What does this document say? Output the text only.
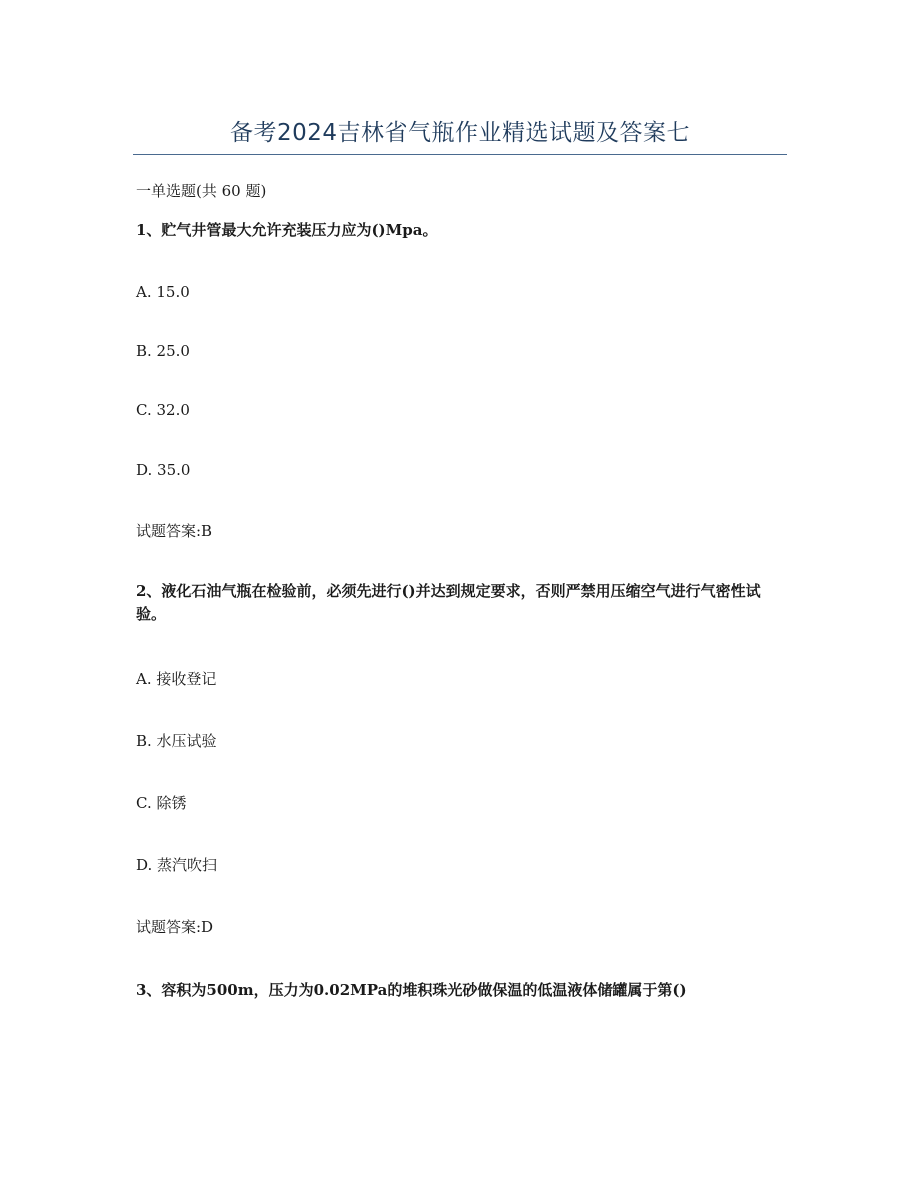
备考2024吉林省气瓶作业精选试题及答案七
一单选题(共 60 题)
1、贮气井管最大允许充装压力应为()Mpa。
A. 15.0
B. 25.0
C. 32.0
D. 35.0
试题答案:B
2、液化石油气瓶在检验前，必须先进行()并达到规定要求，否则严禁用压缩空气进行气密性试验。
A. 接收登记
B. 水压试验
C. 除锈
D. 蒸汽吹扫
试题答案:D
3、容积为500m，压力为0.02MPa的堆积珠光砂做保温的低温液体储罐属于第()
